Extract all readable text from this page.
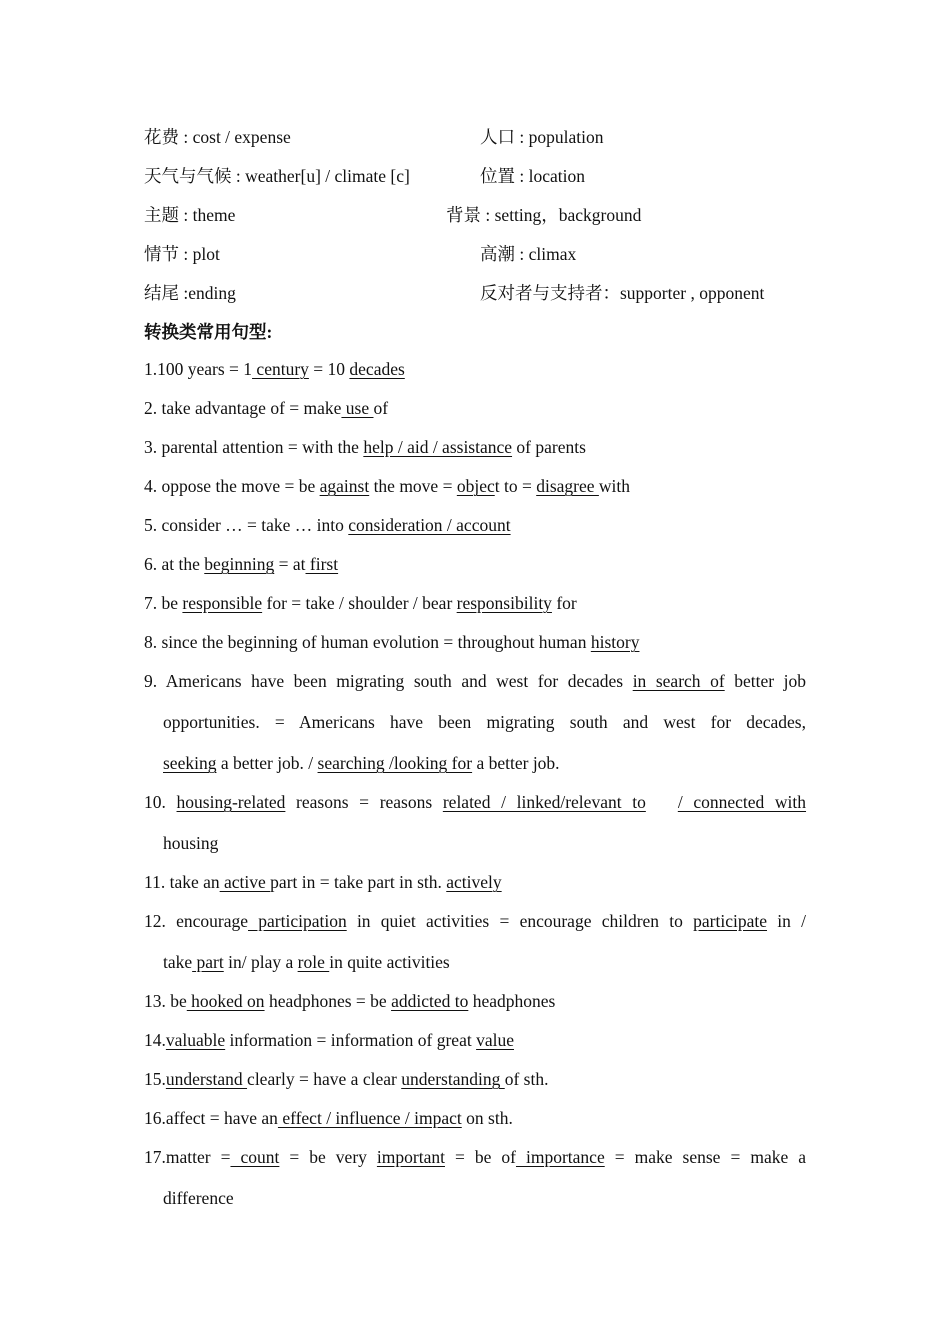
花费 : cost / expense	人口 : population
天气与气候 : weather[u] / climate [c]	位置 : location
主题 : theme	背景 : setting，background
情节 : plot	高潮 : climax
结尾 :ending	反对者与支持者：supporter , opponent
转换类常用句型:
1.100 years = 1 century = 10 decades
2. take advantage of = make use of
3. parental attention = with the help / aid / assistance of parents
4. oppose the move = be against the move = object to = disagree with
5. consider … = take … into consideration / account
6. at the beginning = at first
7. be responsible for = take / shoulder / bear responsibility for
8. since the beginning of human evolution = throughout human history
9. Americans have been migrating south and west for decades in search of better job
opportunities. = Americans have been migrating south and west for decades,
seeking a better job. / searching /looking for a better job.
10. housing-related reasons = reasons related / linked/relevant to / connected with
housing
11. take an active part in = take part in sth. actively
12. encourage participation in quiet activities = encourage children to participate in /
take part in/ play a role in quite activities
13. be hooked on headphones = be addicted to headphones
14.valuable information = information of great value
15.understand clearly = have a clear understanding of sth.
16.affect = have an effect / influence / impact on sth.
17.matter = count = be very important = be of importance = make sense = make a
difference
